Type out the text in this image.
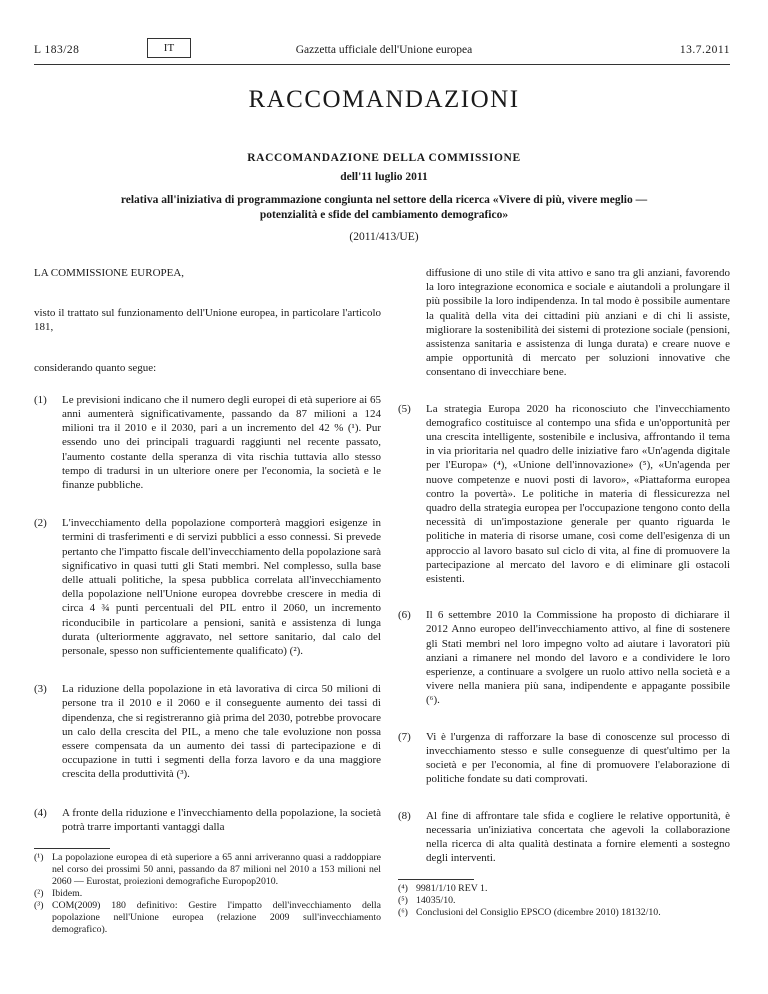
L 183/28	IT	Gazzetta ufficiale dell'Unione europea	13.7.2011
RACCOMANDAZIONI
RACCOMANDAZIONE DELLA COMMISSIONE
dell'11 luglio 2011
relativa all'iniziativa di programmazione congiunta nel settore della ricerca «Vivere di più, vivere meglio — potenzialità e sfide del cambiamento demografico»
(2011/413/UE)

LA COMMISSIONE EUROPEA,

visto il trattato sul funzionamento dell'Unione europea, in particolare l'articolo 181,

considerando quanto segue:

(1)	Le previsioni indicano che il numero degli europei di età superiore ai 65 anni aumenterà significativamente, passando da 87 milioni a 124 milioni tra il 2010 e il 2030, pari a un incremento del 42 % (¹). Pur essendo uno dei principali traguardi raggiunti nel recente passato, l'aumento costante della speranza di vita rischia tuttavia allo stesso tempo di tradursi in un ulteriore onere per l'economia, la società e le finanze pubbliche.
(2)	L'invecchiamento della popolazione comporterà maggiori esigenze in termini di trasferimenti e di servizi pubblici a esso connessi. Si prevede pertanto che l'impatto fiscale dell'invecchiamento della popolazione sarà significativo in quasi tutti gli Stati membri. Nel complesso, sulla base delle attuali politiche, la spesa pubblica correlata all'invecchiamento della popolazione nell'Unione europea dovrebbe crescere in media di circa 4 ¾ punti percentuali del PIL entro il 2060, un incremento riconducibile in particolare a pensioni, sanità e assistenza di lunga durata (ulteriormente aggravato, nel settore sanitario, dal calo del personale, spesso non sufficientemente qualificato) (²).
(3)	La riduzione della popolazione in età lavorativa di circa 50 milioni di persone tra il 2010 e il 2060 e il conseguente aumento dei tassi di dipendenza, che si registreranno già prima del 2030, potrebbe provocare un calo della crescita del PIL, a meno che tale evoluzione non possa essere compensata da un aumento dei tassi di partecipazione e di occupazione in tutti i segmenti della forza lavoro e da una maggiore crescita della produttività (³).
(4)	A fronte della riduzione e l'invecchiamento della popolazione, la società potrà trarre importanti vantaggi dalla
(¹) La popolazione europea di età superiore a 65 anni arriveranno quasi a raddoppiare nel corso dei prossimi 50 anni, passando da 87 milioni nel 2010 a 153 milioni nel 2060 — Eurostat, proiezioni demografiche Europop2010.
(²) Ibidem.
(³) COM(2009) 180 definitivo: Gestire l'impatto dell'invecchiamento della popolazione nell'Unione europea (relazione 2009 sull'invecchiamento demografico).
diffusione di uno stile di vita attivo e sano tra gli anziani, favorendo la loro integrazione economica e sociale e aiutandoli a prolungare il più possibile la loro indipendenza. In tal modo è possibile aumentare la qualità della vita dei cittadini più anziani e di chi li assiste, migliorare la sostenibilità dei sistemi di protezione sociale (pensioni, assistenza sanitaria e assistenza di lunga durata) e creare nuove e ampie opportunità di mercato per soluzioni innovative che consentano di invecchiare bene.
(5)	La strategia Europa 2020 ha riconosciuto che l'invecchiamento demografico costituisce al contempo una sfida e un'opportunità per una crescita intelligente, sostenibile e inclusiva, affrontando il tema in via prioritaria nel quadro delle iniziative faro «Un'agenda digitale per l'Europa» (⁴), «Unione dell'innovazione» (⁵), «Un'agenda per nuove competenze e nuovi posti di lavoro», «Piattaforma europea contro la povertà». Le politiche in materia di flessicurezza nel quadro della strategia europea per l'occupazione tengono conto della necessità di un'impostazione generale per quanto riguarda le politiche in materia di risorse umane, così come dell'esigenza di un approccio al lavoro basato sul ciclo di vita, al fine di promuovere la partecipazione al mercato del lavoro e di eliminare gli ostacoli esistenti.
(6)	Il 6 settembre 2010 la Commissione ha proposto di dichiarare il 2012 Anno europeo dell'invecchiamento attivo, al fine di sostenere gli Stati membri nel loro impegno volto ad aiutare i lavoratori più anziani a rimanere nel mondo del lavoro e a condividere le loro esperienze, a continuare a svolgere un ruolo attivo nella società e a vivere nella maniera più sana, indipendente e appagante possibile (⁶).
(7)	Vi è l'urgenza di rafforzare la base di conoscenze sul processo di invecchiamento stesso e sulle conseguenze di quest'ultimo per la società e per l'economia, al fine di promuovere l'elaborazione di politiche fondate su dati comprovati.
(8)	Al fine di affrontare tale sfida e cogliere le relative opportunità, è necessaria un'iniziativa concertata che agevoli la collaborazione nella ricerca di alta qualità destinata a fornire elementi a sostegno degli interventi.
(⁴) 9981/1/10 REV 1.
(⁵) 14035/10.
(⁶) Conclusioni del Consiglio EPSCO (dicembre 2010) 18132/10.
